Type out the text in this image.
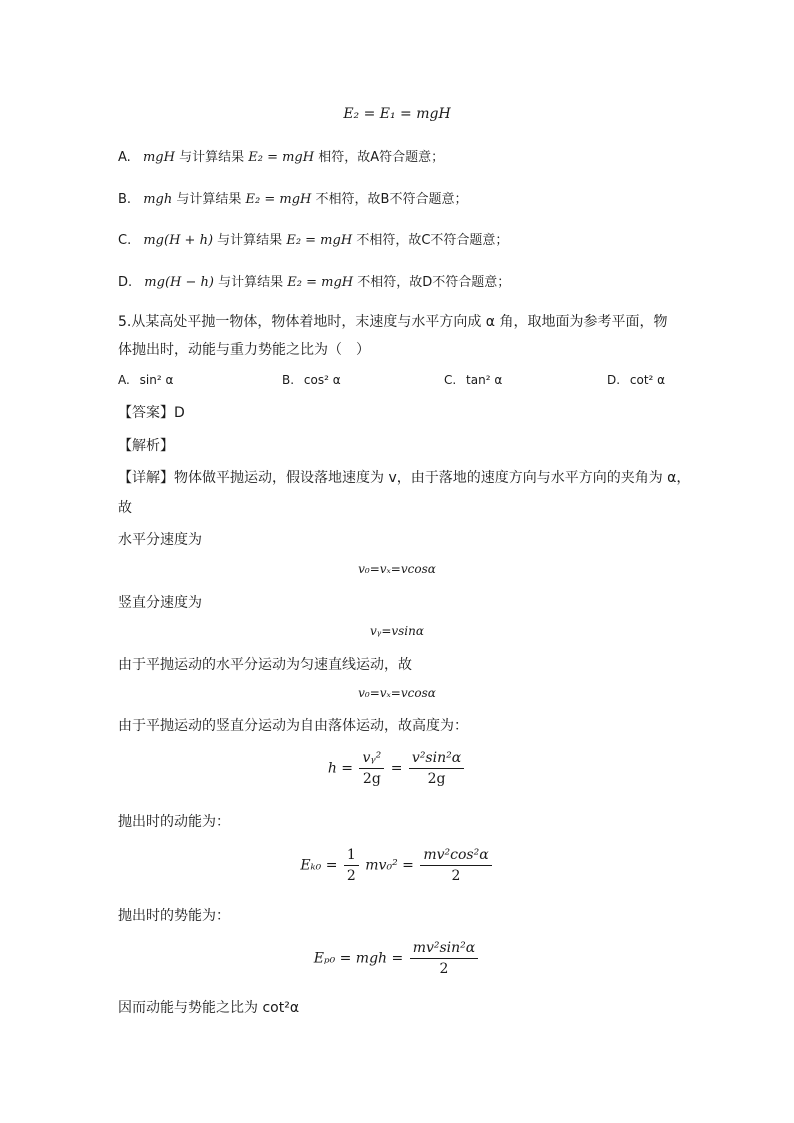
E₂ = E₁ = mgH
A. mgH 与计算结果 E₂ = mgH 相符，故A符合题意；
B. mgh 与计算结果 E₂ = mgH 不相符，故B不符合题意；
C. mg(H + h) 与计算结果 E₂ = mgH 不相符，故C不符合题意；
D. mg(H − h) 与计算结果 E₂ = mgH 不相符，故D不符合题意；
5.从某高处平抛一物体，物体着地时，末速度与水平方向成 α 角，取地面为参考平面，物
体抛出时，动能与重力势能之比为（　）
A. sin² α	B. cos² α	C. tan² α	D. cot² α
【答案】D
【解析】
【详解】物体做平抛运动，假设落地速度为 v，由于落地的速度方向与水平方向的夹角为 α，
故
水平分速度为
v₀=vₓ=vcosα
竖直分速度为
vᵧ=vsinα
由于平抛运动的水平分运动为匀速直线运动，故
v₀=vₓ=vcosα
由于平抛运动的竖直分运动为自由落体运动，故高度为：
$h = \frac{\text{vᵧ²}}{2g} = \frac{\text{v²sin²α}}{2g}$
抛出时的动能为：
$E_{k0} = \frac{1}{2} mv_0^2 = \frac{\text{mv²cos²α}}{2}$
抛出时的势能为：
Eₚ₀ = mgh = $\frac{\text{mv²sin²α}}{2}$
因而动能与势能之比为 cot²α
